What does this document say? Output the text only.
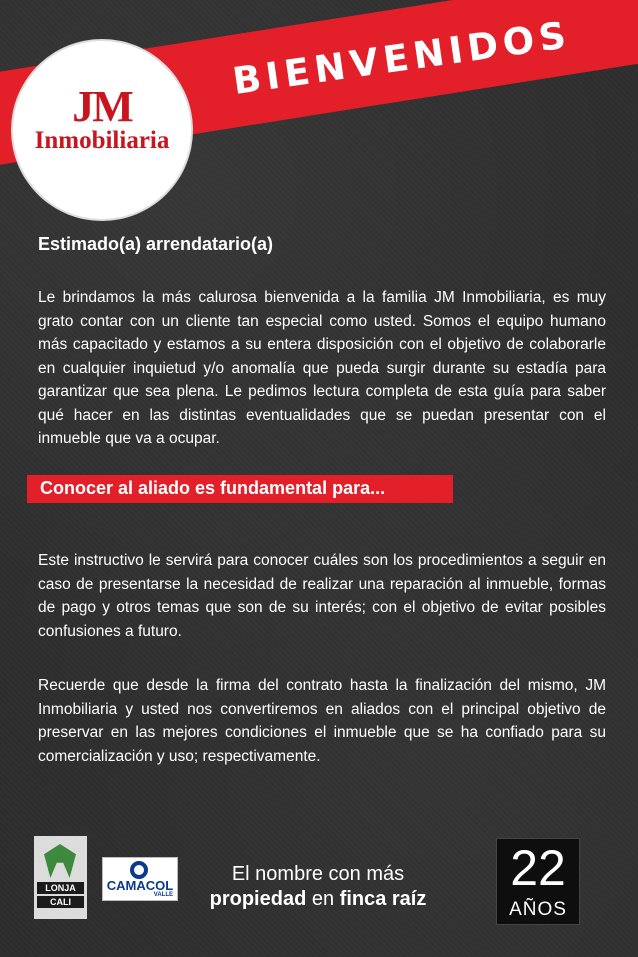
BIENVENIDOS
JM
Inmobiliaria
Estimado(a) arrendatario(a)
Le brindamos la más calurosa bienvenida a la familia JM Inmobiliaria, es muy grato contar con un cliente tan especial como usted. Somos el equipo humano más capacitado y estamos a su entera disposición con el objetivo de colaborarle en cualquier inquietud y/o anomalía que pueda surgir durante su estadía para garantizar que sea plena. Le pedimos lectura completa de esta guía para saber qué hacer en las distintas eventualidades que se puedan presentar con el inmueble que va a ocupar.
Conocer al aliado es fundamental para...
Este instructivo le servirá para conocer cuáles son los procedimientos a seguir en caso de presentarse la necesidad de realizar una reparación al inmueble, formas de pago y otros temas que son de su interés; con el objetivo de evitar posibles confusiones a futuro.
Recuerde que desde la firma del contrato hasta la finalización del mismo, JM Inmobiliaria y usted nos convertiremos en aliados con el principal objetivo de preservar en las mejores condiciones el inmueble que se ha confiado para su comercialización y uso; respectivamente.
LONJA
CALI
CAMACOL
VALLE
El nombre con más
propiedad en finca raíz
22
AÑOS
